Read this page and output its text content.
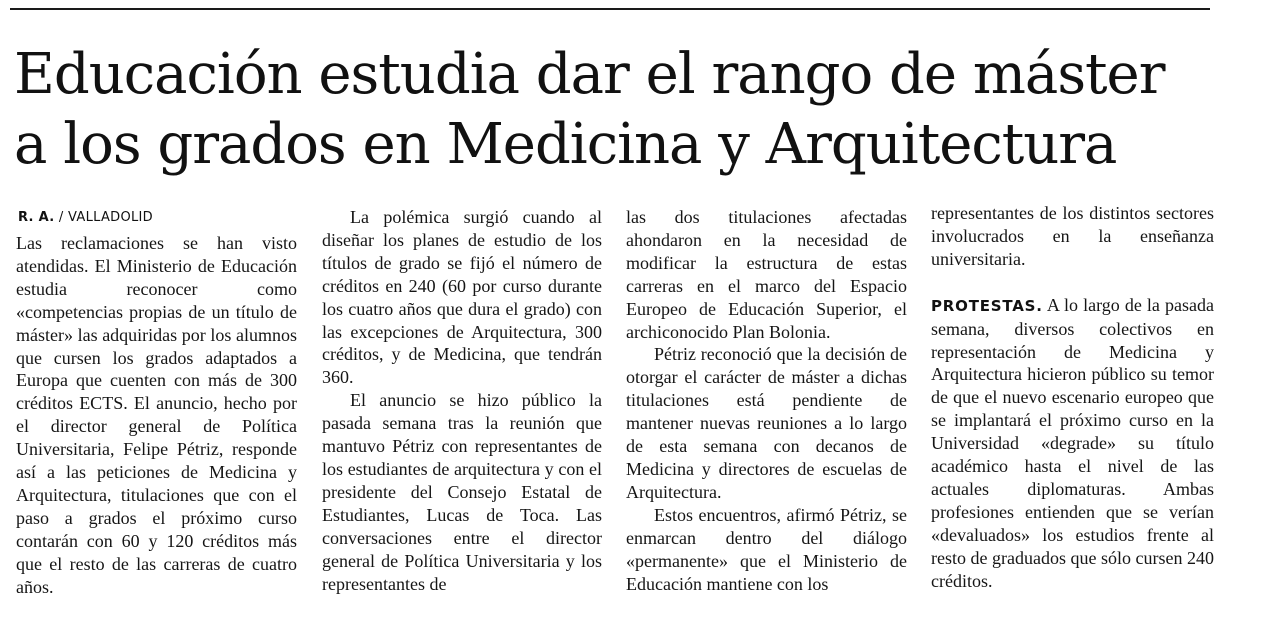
Educación estudia dar el rango de máster
a los grados en Medicina y Arquitectura
R. A. / VALLADOLID

Las reclamaciones se han visto atendidas. El Ministerio de Educación estudia reconocer como «competencias propias de un título de máster» las adquiridas por los alumnos que cursen los grados adaptados a Europa que cuenten con más de 300 créditos ECTS. El anuncio, hecho por el director general de Política Universitaria, Felipe Pétriz, responde así a las peticiones de Medicina y Arquitectura, titulaciones que con el paso a grados el próximo curso contarán con 60 y 120 créditos más que el resto de las carreras de cuatro años.

La polémica surgió cuando al diseñar los planes de estudio de los títulos de grado se fijó el número de créditos en 240 (60 por curso durante los cuatro años que dura el grado) con las excepciones de Arquitectura, 300 créditos, y de Medicina, que tendrán 360.

El anuncio se hizo público la pasada semana tras la reunión que mantuvo Pétriz con representantes de los estudiantes de arquitectura y con el presidente del Consejo Estatal de Estudiantes, Lucas de Toca. Las conversaciones entre el director general de Política Universitaria y los representantes de

las dos titulaciones afectadas ahondaron en la necesidad de modificar la estructura de estas carreras en el marco del Espacio Europeo de Educación Superior, el archiconocido Plan Bolonia.

Pétriz reconoció que la decisión de otorgar el carácter de máster a dichas titulaciones está pendiente de mantener nuevas reuniones a lo largo de esta semana con decanos de Medicina y directores de escuelas de Arquitectura.

Estos encuentros, afirmó Pétriz, se enmarcan dentro del diálogo «permanente» que el Ministerio de Educación mantiene con los

representantes de los distintos sectores involucrados en la enseñanza universitaria.

PROTESTAS. A lo largo de la pasada semana, diversos colectivos en representación de Medicina y Arquitectura hicieron público su temor de que el nuevo escenario europeo que se implantará el próximo curso en la Universidad «degrade» su título académico hasta el nivel de las actuales diplomaturas. Ambas profesiones entienden que se verían «devaluados» los estudios frente al resto de graduados que sólo cursen 240 créditos.
